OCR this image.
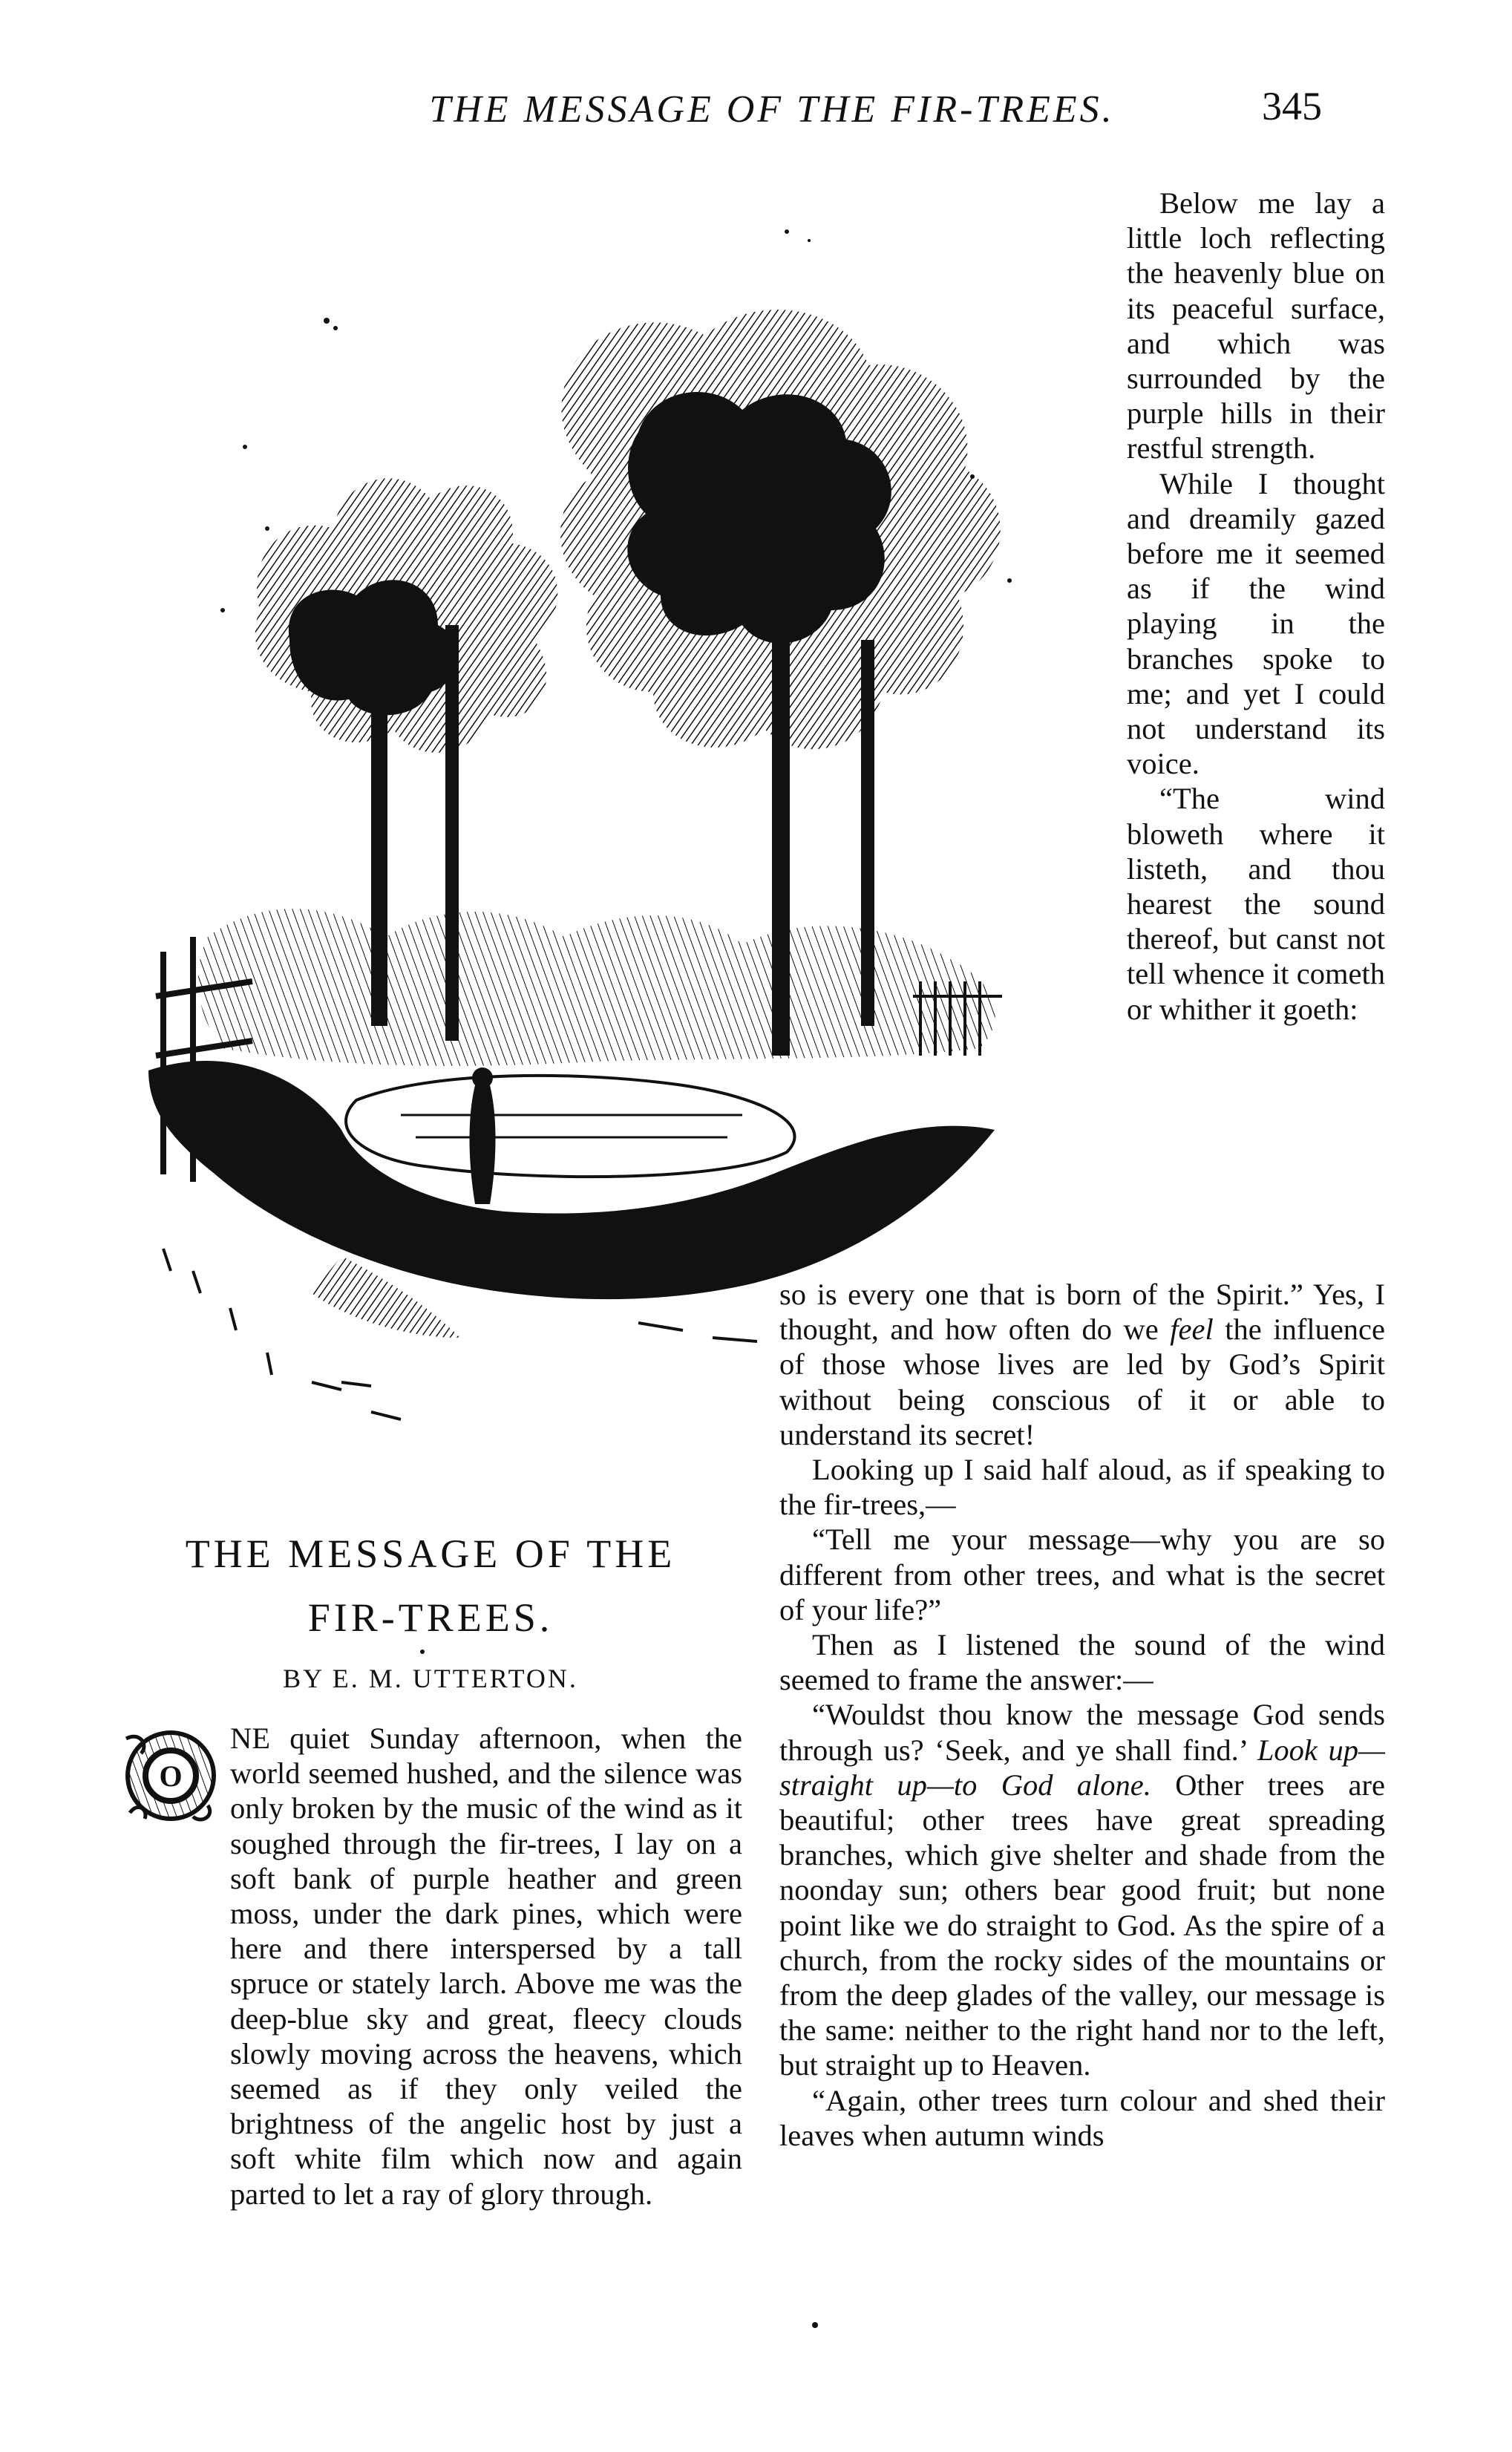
THE MESSAGE OF THE FIR-TREES.	345

Below me lay a little loch reflecting the heavenly blue on its peaceful surface, and which was surrounded by the purple hills in their restful strength.

While I thought and dreamily gazed before me it seemed as if the wind playing in the branches spoke to me; and yet I could not understand its voice.

“The wind bloweth where it listeth, and thou hearest the sound thereof, but canst not tell whence it cometh or whither it goeth:

so is every one that is born of the Spirit.” Yes, I thought, and how often do we feel the influence of those whose lives are led by God’s Spirit without being conscious of it or able to understand its secret!

Looking up I said half aloud, as if speaking to the fir-trees,—

“Tell me your message—why you are so different from other trees, and what is the secret of your life?”

Then as I listened the sound of the wind seemed to frame the answer:—

“Wouldst thou know the message God sends through us? ‘Seek, and ye shall find.’ Look up—straight up—to God alone. Other trees are beautiful; other trees have great spreading branches, which give shelter and shade from the noonday sun; others bear good fruit; but none point like we do straight to God. As the spire of a church, from the rocky sides of the mountains or from the deep glades of the valley, our message is the same: neither to the right hand nor to the left, but straight up to Heaven.

“Again, other trees turn colour and shed their leaves when autumn winds

THE MESSAGE OF THE
FIR-TREES.
BY E. M. UTTERTON.
O

NE quiet Sunday afternoon, when the world seemed hushed, and the silence was only broken by the music of the wind as it soughed through the fir-trees, I lay on a soft bank of purple heather and green moss, under the dark pines, which were here and there interspersed by a tall spruce or stately larch. Above me was the deep-blue sky and great, fleecy clouds slowly moving across the heavens, which seemed as if they only veiled the brightness of the angelic host by just a soft white film which now and again parted to let a ray of glory through.
